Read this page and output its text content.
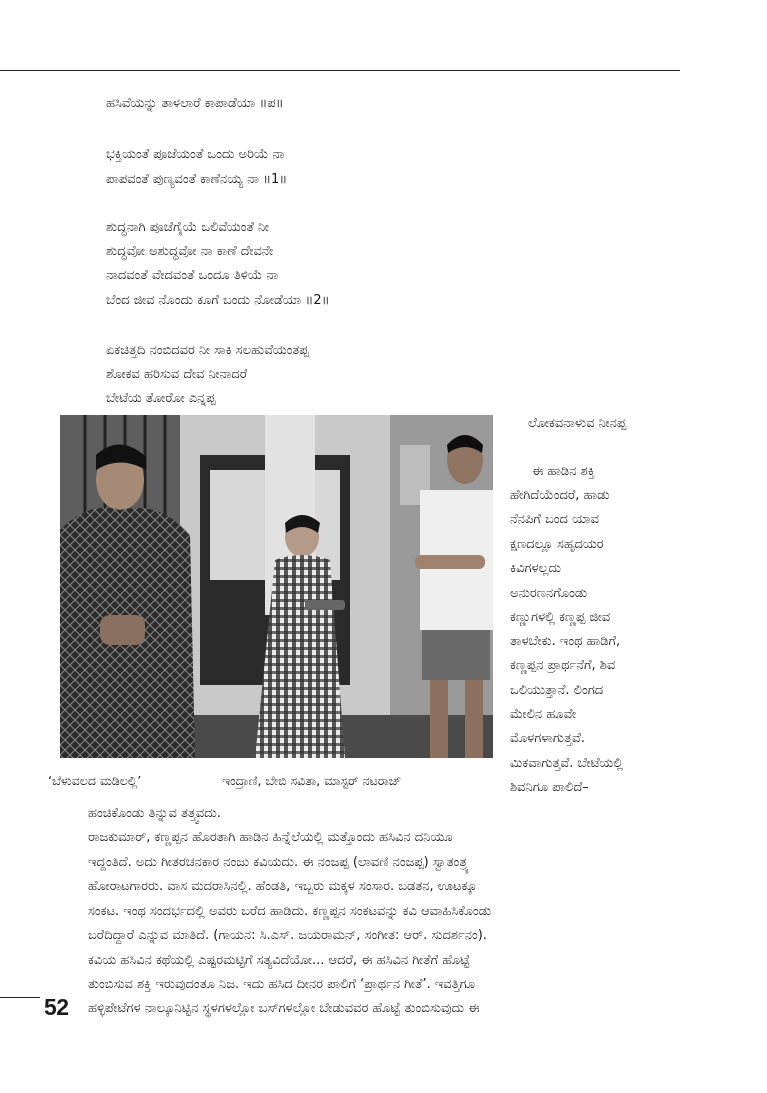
ಹಸಿವೆಯನ್ನು ತಾಳಲಾರೆ ಕಾಪಾಡೆಯಾ ॥ಪ॥
ಭಕ್ತಿಯಂತೆ ಪೂಜೆಯಂತೆ ಒಂದು ಅರಿಯೆ ನಾ
ಪಾಪವಂತೆ ಪುಣ್ಯವಂತೆ ಕಾಣೆನಯ್ಯ ನಾ ॥1॥
ಶುದ್ಧನಾಗಿ ಪೂಜೆಗೈಯೆ ಒಲಿವೆಯಂತೆ ನೀ
ಶುದ್ಧವೋ ಅಶುದ್ಧವೋ ನಾ ಕಾಣೆ ದೇವನೇ
ನಾದವಂತೆ ವೇದವಂತೆ ಒಂದೂ ತಿಳಿಯೆ ನಾ
ಬೆಂದ ಜೀವ ನೊಂದು ಕೂಗೆ ಬಂದು ನೋಡೆಯಾ ॥2॥
ಏಕಚಿತ್ತದಿ ನಂಬಿದವರ ನೀ ಸಾಕಿ ಸಲಹುವೆಯಂತಪ್ಪ
ಶೋಕವ ಹರಿಸುವ ದೇವ ನೀನಾದರೆ
ಬೇಟೆಯ ತೋರೋ ಎನ್ನಪ್ಪ
ಲೋಕವನಾಳುವ ನೀನಪ್ಪ
ಈ ಹಾಡಿನ ಶಕ್ತಿ
ಹೇಗಿದೆಯೆಂದರೆ, ಹಾಡು
ನೆನಪಿಗೆ ಬಂದ ಯಾವ
ಕ್ಷಣದಲ್ಲೂ ಸಹೃದಯರ
ಕಿವಿಗಳಲ್ಲದು
ಅನುರಣನಗೊಂಡು
ಕಣ್ಣುಗಳಲ್ಲಿ ಕಣ್ಣಪ್ಪ ಜೀವ
ತಾಳಬೇಕು. ಇಂಥ ಹಾಡಿಗೆ,
ಕಣ್ಣಪ್ಪನ ಪ್ರಾರ್ಥನೆಗೆ, ಶಿವ
ಒಲಿಯುತ್ತಾನೆ. ಲಿಂಗದ
ಮೇಲಿನ ಹೂವೇ
ಮೊಳಗಳಾಗುತ್ತವೆ.
ಮಿಕವಾಗುತ್ತವೆ. ಬೇಟೆಯಲ್ಲಿ
ಶಿವನಿಗೂ ಪಾಲಿದೆ–
‘ಬೆಳುವಲದ ಮಡಿಲಲ್ಲಿ’	ಇಂದ್ರಾಣಿ, ಬೇಬಿ ಸವಿತಾ, ಮಾಸ್ಟರ್ ನಟರಾಜ್
ಹಂಚಿಕೊಂಡು ತಿನ್ನುವ ತತ್ತ್ವವದು.
ರಾಜಕುಮಾರ್, ಕಣ್ಣಪ್ಪನ ಹೊರತಾಗಿ ಹಾಡಿನ ಹಿನ್ನೆಲೆಯಲ್ಲಿ ಮತ್ತೊಂದು ಹಸಿವಿನ ದನಿಯೂ
ಇದ್ದಂತಿದೆ. ಅದು ಗೀತರಚನಕಾರ ನಂಜು ಕವಿಯದು. ಈ ನಂಜಪ್ಪ (ಲಾವಣಿ ನಂಜಪ್ಪ) ಸ್ವಾತಂತ್ರ್ಯ
ಹೋರಾಟಗಾರರು. ವಾಸ ಮದರಾಸಿನಲ್ಲಿ. ಹೆಂಡತಿ, ಇಬ್ಬರು ಮಕ್ಕಳ ಸಂಸಾರ. ಬಡತನ, ಊಟಕ್ಕೂ
ಸಂಕಟ. ಇಂಥ ಸಂದರ್ಭದಲ್ಲಿ ಅವರು ಬರೆದ ಹಾಡಿದು. ಕಣ್ಣಪ್ಪನ ಸಂಕಟವನ್ನು ಕವಿ ಆವಾಹಿಸಿಕೊಂಡು
ಬರೆದಿದ್ದಾರೆ ಎನ್ನುವ ಮಾತಿದೆ. (ಗಾಯನ: ಸಿ.ಎಸ್. ಜಯರಾಮನ್, ಸಂಗೀತ: ಆರ್. ಸುದರ್ಶನಂ).
ಕವಿಯ ಹಸಿವಿನ ಕಥೆಯಲ್ಲಿ ಎಷ್ಟರಮಟ್ಟಿಗೆ ಸತ್ಯವಿದೆಯೋ... ಆದರೆ, ಈ ಹಸಿವಿನ ಗೀತೆಗೆ ಹೊಟ್ಟೆ
ತುಂಬಿಸುವ ಶಕ್ತಿ ಇರುವುದಂತೂ ನಿಜ. ಇದು ಹಸಿದ ದೀನರ ಪಾಲಿಗೆ ‘ಪ್ರಾರ್ಥನ ಗೀತೆ’. ಇವತ್ತಿಗೂ
ಹಳ್ಳಿಪೇಟೆಗಳ ನಾಲ್ಕೂನಿಟ್ಟಿನ ಸ್ಥಳಗಳಲ್ಲೋ ಬಸ್‌ಗಳಲ್ಲೋ ಬೇಡುವವರ ಹೊಟ್ಟೆ ತುಂಬಿಸುವುದು ಈ
52
